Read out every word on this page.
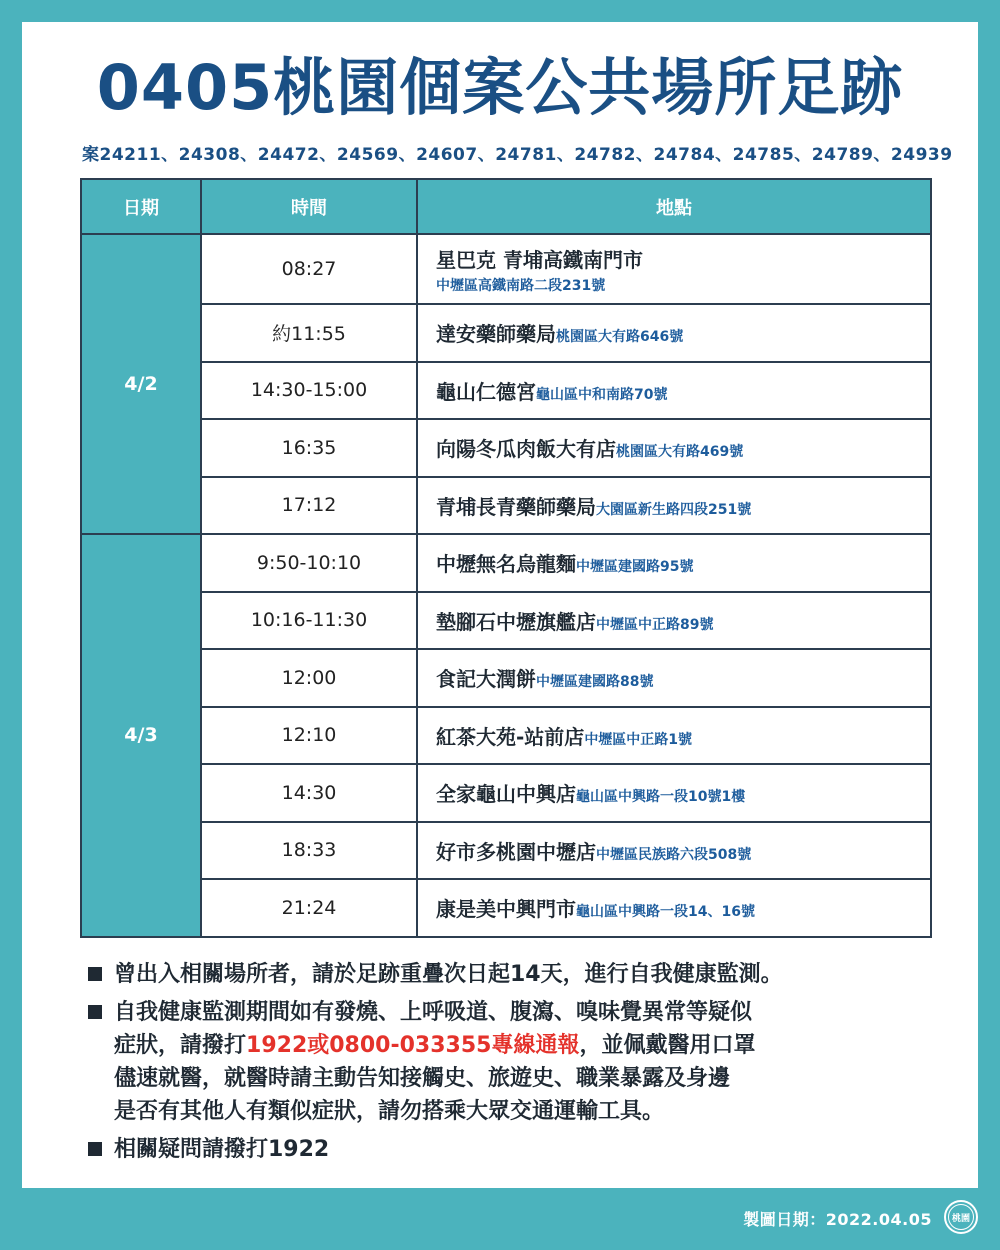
0405桃園個案公共場所足跡
案24211、24308、24472、24569、24607、24781、24782、24784、24785、24789、24939
日期	時間	地點
4/2	08:27	星巴克 青埔高鐵南門市
中壢區高鐵南路二段231號

	約11:55	達安藥師藥局桃園區大有路646號
	14:30-15:00	龜山仁德宮龜山區中和南路70號
	16:35	向陽冬瓜肉飯大有店桃園區大有路469號
	17:12	青埔長青藥師藥局大園區新生路四段251號
4/3	9:50-10:10	中壢無名烏龍麵中壢區建國路95號
	10:16-11:30	墊腳石中壢旗艦店中壢區中正路89號
	12:00	食記大潤餅中壢區建國路88號
	12:10	紅茶大苑-站前店中壢區中正路1號
	14:30	全家龜山中興店龜山區中興路一段10號1樓
	18:33	好市多桃園中壢店中壢區民族路六段508號
	21:24	康是美中興門市龜山區中興路一段14、16號
曾出入相關場所者，請於足跡重疊次日起14天，進行自我健康監測。
自我健康監測期間如有發燒、上呼吸道、腹瀉、嗅味覺異常等疑似
症狀，請撥打1922或0800-033355專線通報，並佩戴醫用口罩
儘速就醫，就醫時請主動告知接觸史、旅遊史、職業暴露及身邊
是否有其他人有類似症狀，請勿搭乘大眾交通運輸工具。
相關疑問請撥打1922
製圖日期：2022.04.05	桃園
